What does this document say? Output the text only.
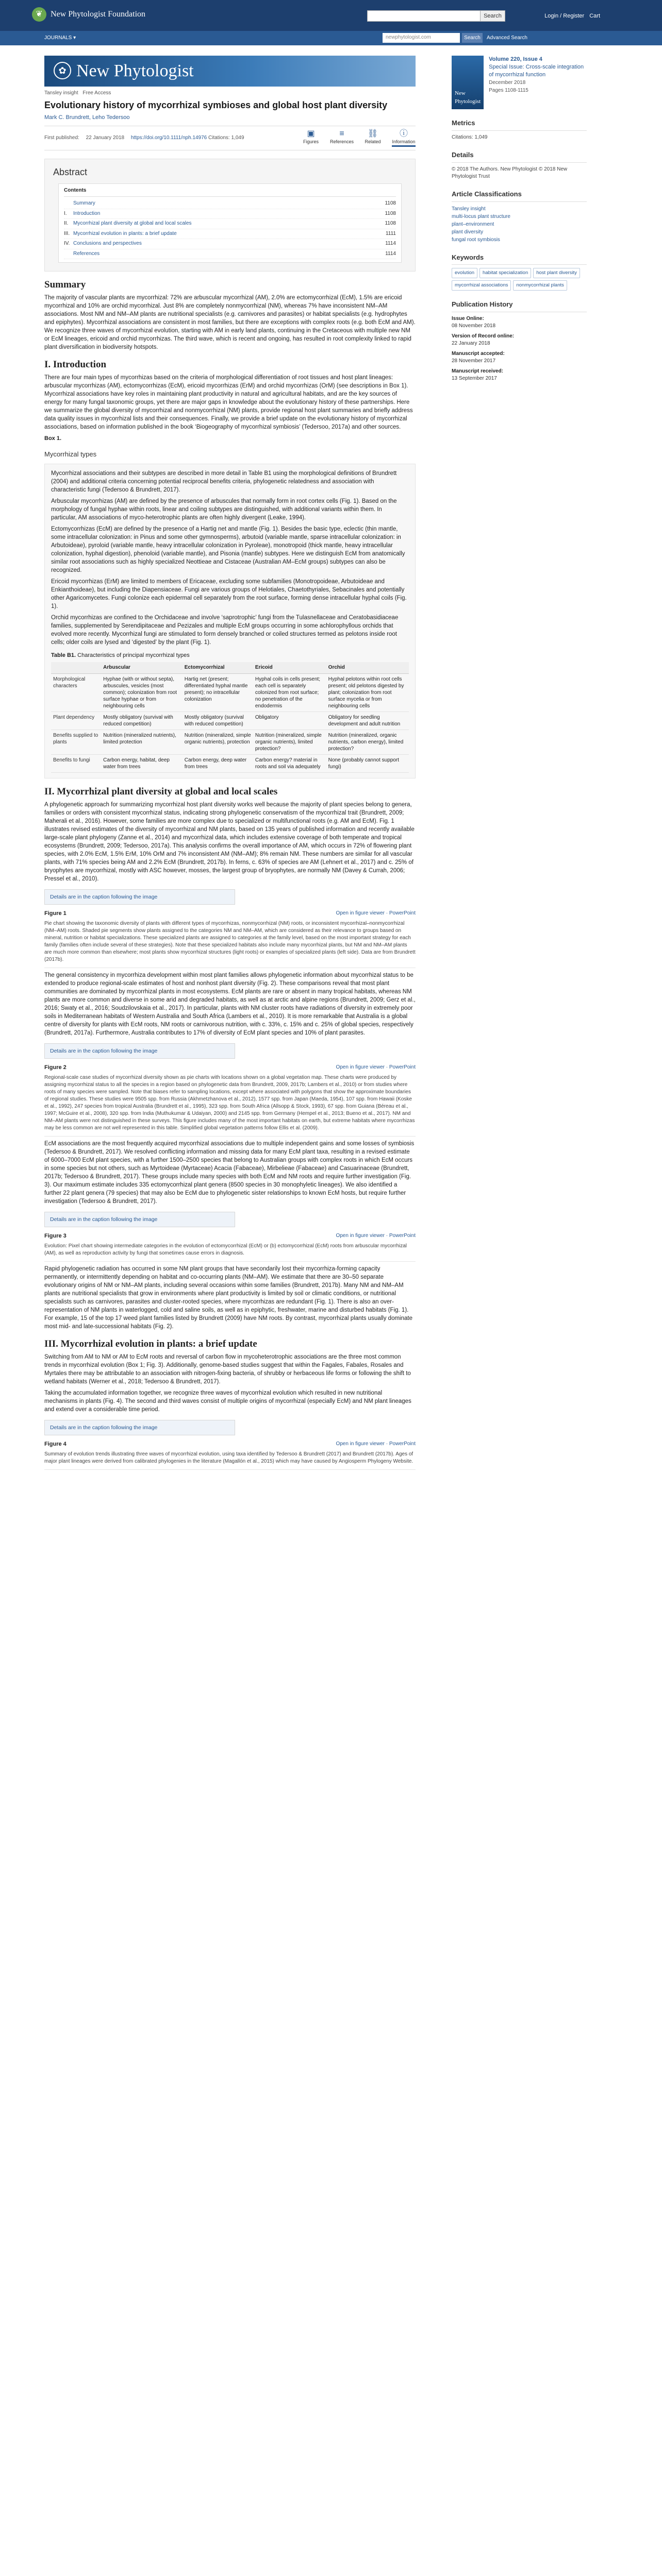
❦ New Phytologist Foundation	Search	Login / Register Cart
JOURNALS ▾	newphytologist.com	Search	Advanced Search
✿ New Phytologist
Tansley insight Free Access
Evolutionary history of mycorrhizal symbioses and global host plant diversity
Mark C. Brundrett, Leho Tedersoo
First published: 22 January 2018 https://doi.org/10.1111/nph.14976 Citations: 1,049	▣
Figures
≡
References
⛓
Related
ⓘ
Information
Abstract
Contents
Summary	1108
I.	Introduction	1108
II. Mycorrhizal plant diversity at global and local scales	1108
III. Mycorrhizal evolution in plants: a brief update	1111
IV. Conclusions and perspectives	1114
References	1114
Summary

The majority of vascular plants are mycorrhizal: 72% are arbuscular mycorrhizal (AM), 2.0% are ectomycorrhizal (EcM), 1.5% are ericoid mycorrhizal and 10% are orchid mycorrhizal. Just 8% are completely nonmycorrhizal (NM), whereas 7% have inconsistent NM–AM associations. Most NM and NM–AM plants are nutritional specialists (e.g. carnivores and parasites) or habitat specialists (e.g. hydrophytes and epiphytes). Mycorrhizal associations are consistent in most families, but there are exceptions with complex roots (e.g. both EcM and AM). We recognize three waves of mycorrhizal evolution, starting with AM in early land plants, continuing in the Cretaceous with multiple new NM or EcM lineages, ericoid and orchid mycorrhizas. The third wave, which is recent and ongoing, has resulted in root complexity linked to rapid plant diversification in biodiversity hotspots.

I. Introduction

There are four main types of mycorrhizas based on the criteria of morphological differentiation of root tissues and host plant lineages: arbuscular mycorrhizas (AM), ectomycorrhizas (EcM), ericoid mycorrhizas (ErM) and orchid mycorrhizas (OrM) (see descriptions in Box 1). Mycorrhizal associations have key roles in maintaining plant productivity in natural and agricultural habitats, and are the key sources of energy for many fungal taxonomic groups, yet there are major gaps in knowledge about the evolutionary history of these partnerships. Here we summarize the global diversity of mycorrhizal and nonmycorrhizal (NM) plants, provide regional host plant summaries and briefly address data quality issues in mycorrhizal lists and their consequences. Finally, we provide a brief update on the evolutionary history of mycorrhizal associations, based on information published in the book ‘Biogeography of mycorrhizal symbiosis’ (Tedersoo, 2017a) and other sources.

Box 1.

Mycorrhizal types

Mycorrhizal associations and their subtypes are described in more detail in Table B1 using the morphological definitions of Brundrett (2004) and additional criteria concerning potential reciprocal benefits criteria, phylogenetic relatedness and association with characteristic fungi (Tedersoo & Brundrett, 2017).

Arbuscular mycorrhizas (AM) are defined by the presence of arbuscules that normally form in root cortex cells (Fig. 1). Based on the morphology of fungal hyphae within roots, linear and coiling subtypes are distinguished, with additional variants within them. In particular, AM associations of myco-heterotrophic plants are often highly divergent (Leake, 1994).

Ectomycorrhizas (EcM) are defined by the presence of a Hartig net and mantle (Fig. 1). Besides the basic type, eclectic (thin mantle, some intracellular colonization: in Pinus and some other gymnosperms), arbutoid (variable mantle, sparse intracellular colonization: in Arbutoideae), pyroloid (variable mantle, heavy intracellular colonization in Pyroleae), monotropoid (thick mantle, heavy intracellular colonization, hyphal digestion), phenoloid (variable mantle), and Pisonia (mantle) subtypes. Here we distinguish EcM from anatomically similar root associations such as highly specialized Neottieae and Cistaceae (Australian AM–EcM groups) subtypes can also be recognized.

Ericoid mycorrhizas (ErM) are limited to members of Ericaceae, excluding some subfamilies (Monotropoideae, Arbutoideae and Enkianthoideae), but including the Diapensiaceae. Fungi are various groups of Helotiales, Chaetothyriales, Sebacinales and potentially other Agaricomycetes. Fungi colonize each epidermal cell separately from the root surface, forming dense intracellular hyphal coils (Fig. 1).

Orchid mycorrhizas are confined to the Orchidaceae and involve ‘saprotrophic’ fungi from the Tulasnellaceae and Ceratobasidiaceae families, supplemented by Serendipitaceae and Pezizales and multiple EcM groups occurring in some achlorophyllous orchids that evolved more recently. Mycorrhizal fungi are stimulated to form densely branched or coiled structures termed as pelotons inside root cells; older coils are lysed and ‘digested’ by the plant (Fig. 1).

Table B1. Characteristics of principal mycorrhizal types
	Arbuscular	Ectomycorrhizal	Ericoid	Orchid
Morphological characters	Hyphae (with or without septa), arbuscules, vesicles (most common); colonization from root surface hyphae or from neighbouring cells	Hartig net (present; differentiated hyphal mantle present); no intracellular colonization	Hyphal coils in cells present; each cell is separately colonized from root surface; no penetration of the endodermis	Hyphal pelotons within root cells present; old pelotons digested by plant; colonization from root surface mycelia or from neighbouring cells
Plant dependency	Mostly obligatory (survival with reduced competition)	Mostly obligatory (survival with reduced competition)	Obligatory	Obligatory for seedling development and adult nutrition
Benefits supplied to plants	Nutrition (mineralized nutrients), limited protection	Nutrition (mineralized, simple organic nutrients), protection	Nutrition (mineralized, simple organic nutrients), limited protection?	Nutrition (mineralized, organic nutrients, carbon energy), limited protection?
Benefits to fungi	Carbon energy, habitat, deep water from trees	Carbon energy, deep water from trees	Carbon energy? material in roots and soil via adequately	None (probably cannot support fungi)
II. Mycorrhizal plant diversity at global and local scales

A phylogenetic approach for summarizing mycorrhizal host plant diversity works well because the majority of plant species belong to genera, families or orders with consistent mycorrhizal status, indicating strong phylogenetic conservatism of the mycorrhizal trait (Brundrett, 2009; Maherali et al., 2016). However, some families are more complex due to specialized or multifunctional roots (e.g. AM and EcM). Fig. 1 illustrates revised estimates of the diversity of mycorrhizal and NM plants, based on 135 years of published information and recently available large-scale plant phylogeny (Zanne et al., 2014) and mycorrhizal data, which includes extensive coverage of both temperate and tropical ecosystems (Brundrett, 2009; Tedersoo, 2017a). This analysis confirms the overall importance of AM, which occurs in 72% of flowering plant species, with 2.0% EcM, 1.5% ErM, 10% OrM and 7% inconsistent AM (NM–AM); 8% remain NM. These numbers are similar for all vascular plants, with 71% species being AM and 2.2% EcM (Brundrett, 2017b). In ferns, c. 63% of species are AM (Lehnert et al., 2017) and c. 25% of bryophytes are mycorrhizal, mostly with ASC however, mosses, the largest group of bryophytes, are normally NM (Davey & Currah, 2006; Pressel et al., 2010).

Details are in the caption following the image
Figure 1	Open in figure viewer · PowerPoint
Pie chart showing the taxonomic diversity of plants with different types of mycorrhizas, nonmycorrhizal (NM) roots, or inconsistent mycorrhizal–nonmycorrhizal (NM–AM) roots. Shaded pie segments show plants assigned to the categories NM and NM–AM, which are considered as their relevance to groups based on mineral, nutrition or habitat specializations. These specialized plants are assigned to categories at the family level, based on the most important strategy for each family (families often include several of these strategies). Note that these specialized habitats also include many mycorrhizal plants, but NM and NM–AM plants are much more common than elsewhere; most plants show mycorrhizal structures (light roots) or examples of specialized plants (left side). Data are from Brundrett (2017b).

The general consistency in mycorrhiza development within most plant families allows phylogenetic information about mycorrhizal status to be extended to produce regional-scale estimates of host and nonhost plant diversity (Fig. 2). These comparisons reveal that most plant communities are dominated by mycorrhizal plants in most ecosystems. EcM plants are rare or absent in many tropical habitats, whereas NM plants are more common and diverse in some arid and degraded habitats, as well as at arctic and alpine regions (Brundrett, 2009; Gerz et al., 2016; Swaty et al., 2016; Soudzilovskaia et al., 2017). In particular, plants with NM cluster roots have radiations of diversity in extremely poor soils in Mediterranean habitats of Western Australia and South Africa (Lambers et al., 2010). It is more remarkable that Australia is a global centre of diversity for plants with EcM roots, NM roots or carnivorous nutrition, with c. 33%, c. 15% and c. 25% of global species, respectively (Brundrett, 2017a). Furthermore, Australia contributes to 17% of diversity of EcM plant species and 10% of plant parasites.

Details are in the caption following the image
Figure 2	Open in figure viewer · PowerPoint
Regional-scale case studies of mycorrhizal diversity shown as pie charts with locations shown on a global vegetation map. These charts were produced by assigning mycorrhizal status to all the species in a region based on phylogenetic data from Brundrett, 2009, 2017b; Lambers et al., 2010) or from studies where roots of many species were sampled. Note that biases refer to sampling locations, except where associated with polygons that show the approximate boundaries of regional studies. These studies were 9505 spp. from Russia (Akhmetzhanova et al., 2012), 1577 spp. from Japan (Maeda, 1954), 107 spp. from Hawaii (Koske et al., 1992), 247 species from tropical Australia (Brundrett et al., 1995), 323 spp. from South Africa (Allsopp & Stock, 1993), 67 spp. from Guiana (Béreau et al., 1997; McGuire et al., 2008), 320 spp. from India (Muthukumar & Udaiyan, 2000) and 2145 spp. from Germany (Hempel et al., 2013; Bueno et al., 2017). NM and NM–AM plants were not distinguished in these surveys. This figure includes many of the most important habitats on earth, but extreme habitats where mycorrhizas may be less common are not well represented in this table. Simplified global vegetation patterns follow Ellis et al. (2009).

EcM associations are the most frequently acquired mycorrhizal associations due to multiple independent gains and some losses of symbiosis (Tedersoo & Brundrett, 2017). We resolved conflicting information and missing data for many EcM plant taxa, resulting in a revised estimate of 6000–7000 EcM plant species, with a further 1500–2500 species that belong to Australian groups with complex roots in which EcM occurs in some species but not others, such as Myrtoideae (Myrtaceae) Acacia (Fabaceae), Mirbelieae (Fabaceae) and Casuarinaceae (Brundrett, 2017b; Tedersoo & Brundrett, 2017). These groups include many species with both EcM and NM roots and require further investigation (Fig. 3). Our maximum estimate includes 335 ectomycorrhizal plant genera (8500 species in 30 monophyletic lineages). We also identified a further 22 plant genera (79 species) that may also be EcM due to phylogenetic sister relationships to known EcM hosts, but require further investigation (Tedersoo & Brundrett, 2017).

Details are in the caption following the image
Figure 3	Open in figure viewer · PowerPoint
Evolution: Pixel chart showing intermediate categories in the evolution of ectomycorrhizal (EcM) or (b) ectomycorrhizal (EcM) roots from arbuscular mycorrhizal (AM), as well as reproduction activity by fungi that sometimes cause errors in diagnosis.

Rapid phylogenetic radiation has occurred in some NM plant groups that have secondarily lost their mycorrhiza-forming capacity permanently, or intermittently depending on habitat and co-occurring plants (NM–AM). We estimate that there are 30–50 separate evolutionary origins of NM or NM–AM plants, including several occasions within some families (Brundrett, 2017b). Many NM and NM–AM plants are nutritional specialists that grow in environments where plant productivity is limited by soil or climatic conditions, or nutritional specialists such as carnivores, parasites and cluster-rooted species, where mycorrhizas are redundant (Fig. 1). There is also an over-representation of NM plants in waterlogged, cold and saline soils, as well as in epiphytic, freshwater, marine and disturbed habitats (Fig. 1). For example, 15 of the top 17 weed plant families listed by Brundrett (2009) have NM roots. By contrast, mycorrhizal plants usually dominate most mid- and late-successional habitats (Fig. 2).

III. Mycorrhizal evolution in plants: a brief update

Switching from AM to NM or AM to EcM roots and reversal of carbon flow in mycoheterotrophic associations are the three most common trends in mycorrhizal evolution (Box 1; Fig. 3). Additionally, genome-based studies suggest that within the Fagales, Fabales, Rosales and Myrtales there may be attributable to an association with nitrogen-fixing bacteria, of shrubby or herbaceous life forms or following the shift to wetland habitats (Werner et al., 2018; Tedersoo & Brundrett, 2017).

Taking the accumulated information together, we recognize three waves of mycorrhizal evolution which resulted in new nutritional mechanisms in plants (Fig. 4). The second and third waves consist of multiple origins of mycorrhizal (especially EcM) and NM plant lineages and extend over a considerable time period.

Details are in the caption following the image
Figure 4	Open in figure viewer · PowerPoint
Summary of evolution trends illustrating three waves of mycorrhizal evolution, using taxa identified by Tedersoo & Brundrett (2017) and Brundrett (2017b). Ages of major plant lineages were derived from calibrated phylogenies in the literature (Magallón et al., 2015) which may have caused by Angiosperm Phylogeny Website.
New Phytologist
Volume 220, Issue 4
Special Issue: Cross-scale integration of mycorrhizal function
December 2018
Pages 1108-1115
Metrics
Citations: 1,049
Details
© 2018 The Authors. New Phytologist © 2018 New Phytologist Trust
Article Classifications
Tansley insight
multi-locus plant structure
plant–environment
plant diversity
fungal root symbiosis
Keywords
evolution	habitat specialization	host plant diversity
mycorrhizal associations	nonmycorrhizal plants
Publication History
Issue Online:
08 November 2018
Version of Record online:
22 January 2018
Manuscript accepted:
28 November 2017
Manuscript received:
13 September 2017
